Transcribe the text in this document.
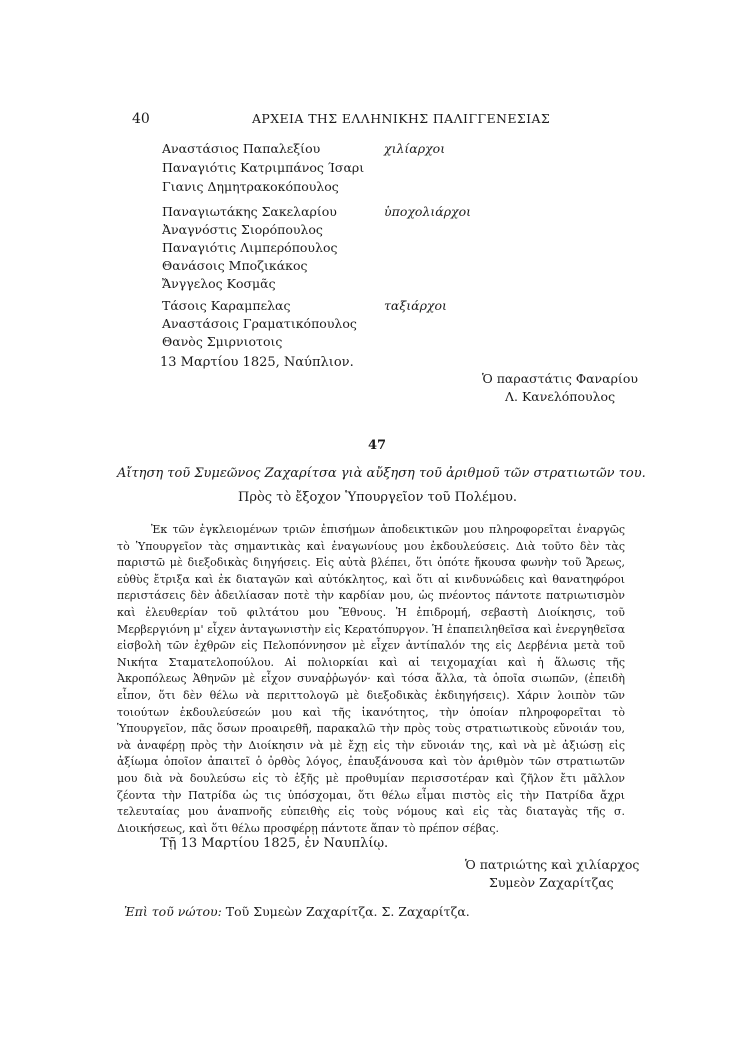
40	ΑΡΧΕΙΑ ΤΗΣ ΕΛΛΗΝΙΚΗΣ ΠΑΛΙΓΓΕΝΕΣΙΑΣ
Αναστάσιος Παπαλεξίου
Παναγιότις Κατριμπάνος Ίσαρι
Γιανις Δημητρακοκόπουλος
χιλίαρχοι
Παναγιωτάκης Σακελαρίου
Ἀναγνόστις Σιορόπουλος
Παναγιότις Λιμπερόπουλος
Θανάσοις Μποζικάκος
Ἄνγγελος Κοσμᾶς
ὑποχολιάρχοι
Τάσοις Καραμπελας
Αναστάσοις Γραματικόπουλος
Θανὸς Σμιρνιοτοις
ταξιάρχοι
13 Μαρτίου 1825, Ναύπλιον.
Ὁ παραστάτις Φαναρίου
Λ. Κανελόπουλος
47
Αἴτηση τοῦ Συμεῶνος Ζαχαρίτσα γιὰ αὔξηση τοῦ ἀριθμοῦ τῶν στρατιωτῶν του.
Πρὸς τὸ ἔξοχον Ὑπουργεῖον τοῦ Πολέμου.

Ἐκ τῶν ἐγκλειομένων τριῶν ἐπισήμων ἀποδεικτικῶν μου πληροφορεῖται ἐναργῶς τὸ Ὑπουργεῖον τὰς σημαντικὰς καὶ ἐναγωνίους μου ἐκδουλεύσεις. Διὰ τοῦτο δὲν τὰς παριστῶ μὲ διεξοδικὰς διηγήσεις. Εἰς αὐτὰ βλέπει, ὅτι ὁπότε ἤκουσα φωνὴν τοῦ Ἄρεως, εὐθὺς ἔτριξα καὶ ἐκ διαταγῶν καὶ αὐτόκλητος, καὶ ὅτι αἱ κινδυνώδεις καὶ θανατηφόροι περιστάσεις δὲν ἀδειλίασαν ποτὲ τὴν καρδίαν μου, ὡς πνέοντος πάντοτε πατριωτισμὸν καὶ ἐλευθερίαν τοῦ φιλτάτου μου Ἔθνους. Ἡ ἐπιδρομή, σεβαστὴ Διοίκησις, τοῦ Μερβεργιόνη μ' εἶχεν ἀνταγωνιστὴν εἰς Κερατόπυργον. Ἡ ἐπαπειληθεῖσα καὶ ἐνεργηθεῖσα εἰσβολὴ τῶν ἐχθρῶν εἰς Πελοπόννησον μὲ εἶχεν ἀντίπαλόν της εἰς Δερβένια μετὰ τοῦ Νικήτα Σταματελοπούλου. Αἱ πολιορκίαι καὶ αἱ τειχομαχίαι καὶ ἡ ἅλωσις τῆς Ἀκροπόλεως Ἀθηνῶν μὲ εἶχον συναῤῥωγόν· καὶ τόσα ἄλλα, τὰ ὁποῖα σιωπῶν, (ἐπειδὴ εἶπον, ὅτι δὲν θέλω νὰ περιττολογῶ μὲ διεξοδικὰς ἐκδιηγήσεις). Χάριν λοιπὸν τῶν τοιούτων ἐκδουλεύσεών μου καὶ τῆς ἱκανότητος, τὴν ὁποίαν πληροφορεῖται τὸ Ὑπουργεῖον, πᾶς ὅσων προαιρεθῆ, παρακαλῶ τὴν πρὸς τοὺς στρατιωτικοὺς εὔνοιάν του, νὰ ἀναφέρῃ πρὸς τὴν Διοίκησιν νὰ μὲ ἔχῃ εἰς τὴν εὔνοιάν της, καὶ νὰ μὲ ἀξιώσῃ εἰς ἀξίωμα ὁποῖον ἀπαιτεῖ ὁ ὀρθὸς λόγος, ἐπαυξάνουσα καὶ τὸν ἀριθμὸν τῶν στρατιωτῶν μου διὰ νὰ δουλεύσω εἰς τὸ ἑξῆς μὲ προθυμίαν περισσοτέραν καὶ ζῆλον ἔτι μᾶλλον ζέοντα τὴν Πατρίδα ὡς τις ὑπόσχομαι, ὅτι θέλω εἶμαι πιστὸς εἰς τὴν Πατρίδα ἄχρι τελευταίας μου ἀναπνοῆς εὐπειθὴς εἰς τοὺς νόμους καὶ εἰς τὰς διαταγὰς τῆς σ. Διοικήσεως, καὶ ὅτι θέλω προσφέρῃ πάντοτε ἅπαν τὸ πρέπον σέβας.

Τῇ 13 Μαρτίου 1825, ἐν Ναυπλίῳ.
Ὁ πατριώτης καὶ χιλίαρχος
Συμεὸν Ζαχαρίτζας
Ἐπὶ τοῦ νώτου: Τοῦ Συμεὼν Ζαχαρίτζα. Σ. Ζαχαρίτζα.
